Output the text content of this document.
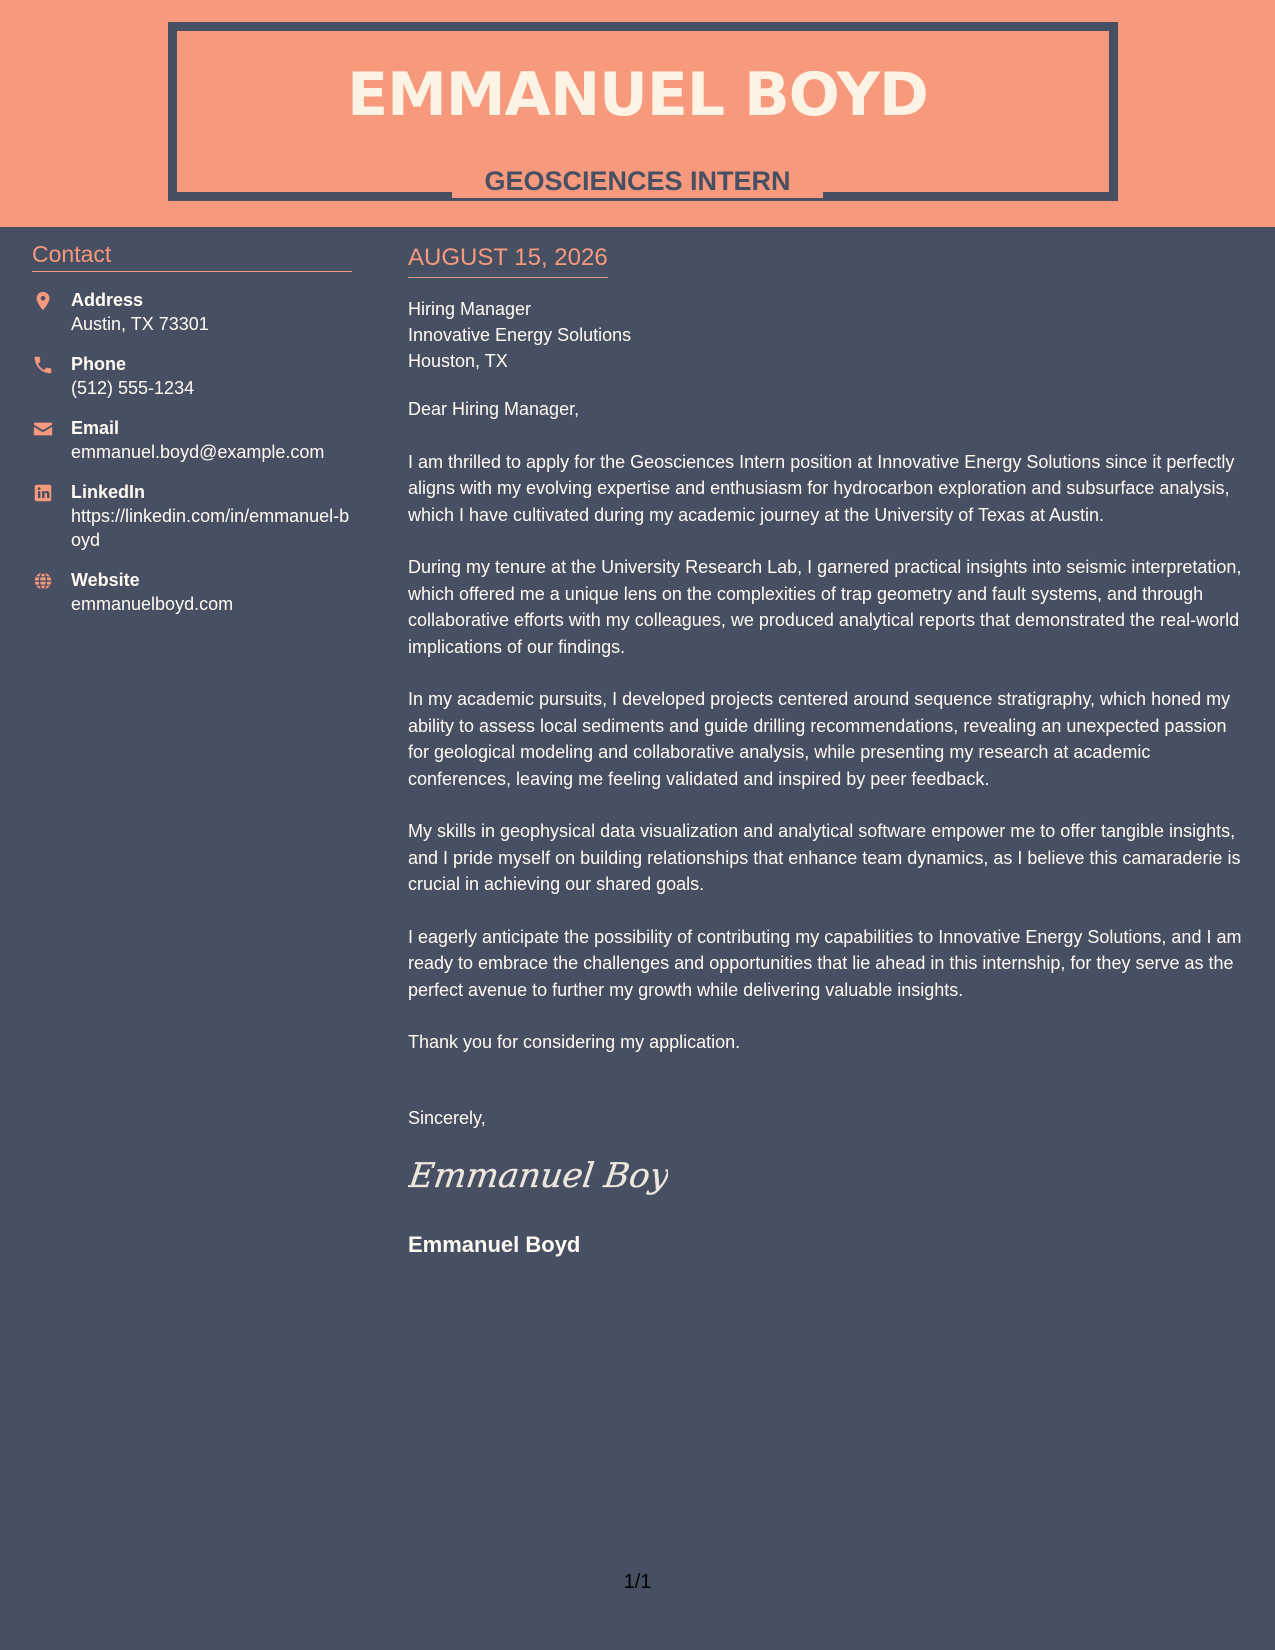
EMMANUEL BOYD
GEOSCIENCES INTERN
Contact
Address
Austin, TX 73301
Phone
(512) 555-1234
Email
emmanuel.boyd@example.com
LinkedIn
https://linkedin.com/in/emmanuel-boyd
Website
emmanuelboyd.com
AUGUST 15, 2026
Hiring Manager
Innovative Energy Solutions
Houston, TX

Dear Hiring Manager,

I am thrilled to apply for the Geosciences Intern position at Innovative Energy Solutions since it perfectly aligns with my evolving expertise and enthusiasm for hydrocarbon exploration and subsurface analysis, which I have cultivated during my academic journey at the University of Texas at Austin.

During my tenure at the University Research Lab, I garnered practical insights into seismic interpretation, which offered me a unique lens on the complexities of trap geometry and fault systems, and through collaborative efforts with my colleagues, we produced analytical reports that demonstrated the real-world implications of our findings.

In my academic pursuits, I developed projects centered around sequence stratigraphy, which honed my ability to assess local sediments and guide drilling recommendations, revealing an unexpected passion for geological modeling and collaborative analysis, while presenting my research at academic conferences, leaving me feeling validated and inspired by peer feedback.

My skills in geophysical data visualization and analytical software empower me to offer tangible insights, and I pride myself on building relationships that enhance team dynamics, as I believe this camaraderie is crucial in achieving our shared goals.

I eagerly anticipate the possibility of contributing my capabilities to Innovative Energy Solutions, and I am ready to embrace the challenges and opportunities that lie ahead in this internship, for they serve as the perfect avenue to further my growth while delivering valuable insights.

Thank you for considering my application.

Sincerely,
Emmanuel Boyd
Emmanuel Boyd
1/1
